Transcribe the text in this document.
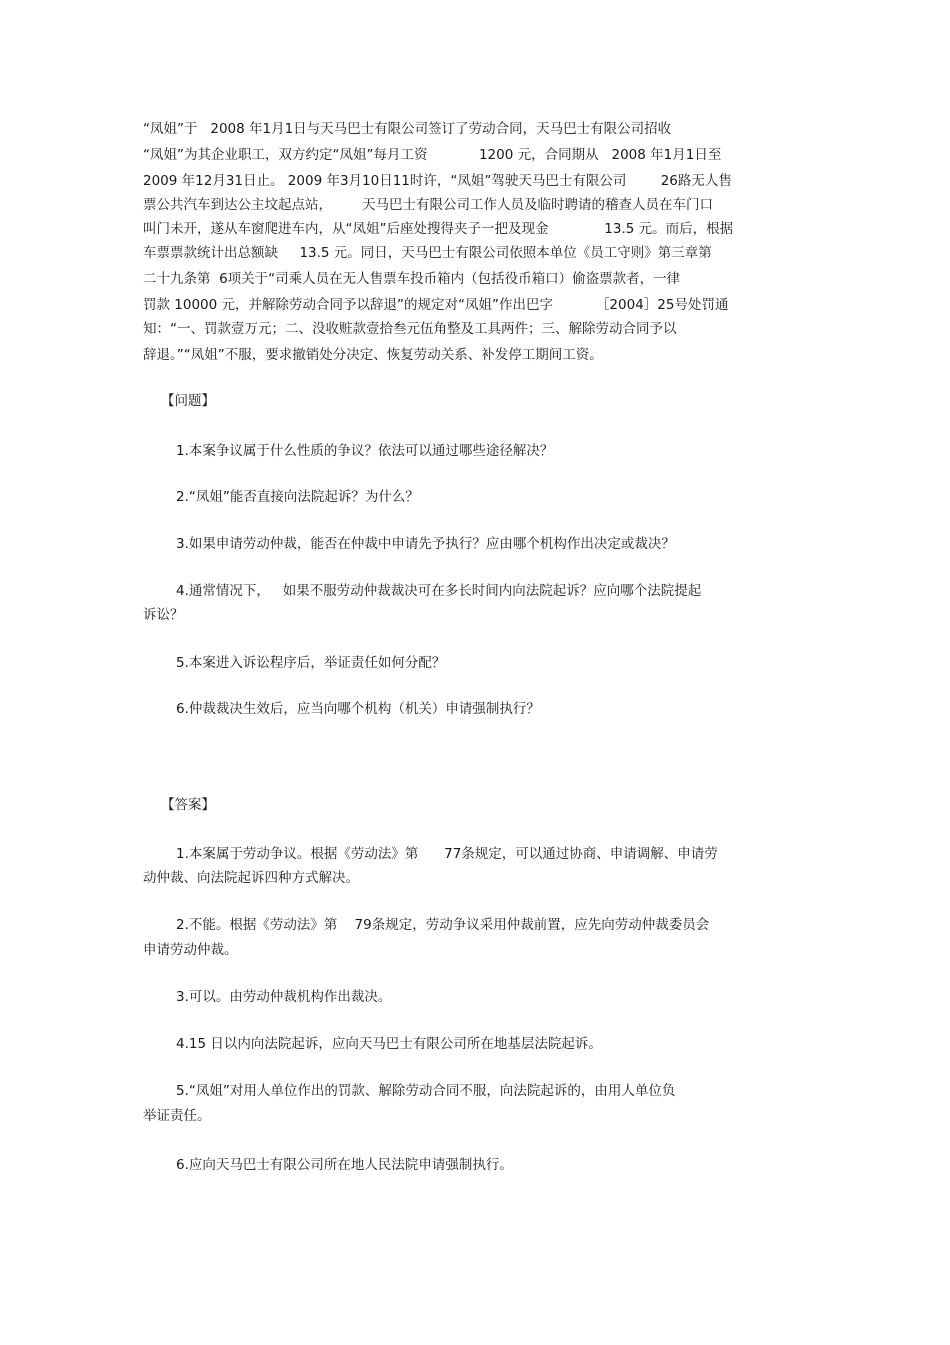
“凤姐”于   2008 年1月1日与天马巴士有限公司签订了劳动合同，天马巴士有限公司招收
“凤姐”为其企业职工，双方约定“凤姐”每月工资            1200 元，合同期从   2008 年1月1日至
2009 年12月31日止。 2009 年3月10日11时许，“凤姐”驾驶天马巴士有限公司        26路无人售
票公共汽车到达公主坟起点站，       天马巴士有限公司工作人员及临时聘请的稽查人员在车门口
叫门未开，遂从车窗爬进车内，从“凤姐”后座处搜得夹子一把及现金             13.5 元。而后，根据
车票票款统计出总额缺     13.5 元。同日，天马巴士有限公司依照本单位《员工守则》第三章第
二十九条第  6项关于“司乘人员在无人售票车投币箱内（包括役币箱口）偷盗票款者，一律
罚款 10000 元，并解除劳动合同予以辞退”的规定对“凤姐”作出巴字          ［2004］25号处罚通
知：“一、罚款壹万元；二、没收赃款壹拾叁元伍角整及工具两件；三、解除劳动合同予以
辞退。”“凤姐”不服，要求撤销处分决定、恢复劳动关系、补发停工期间工资。
【问题】
1.本案争议属于什么性质的争议？依法可以通过哪些途径解决？
2.“凤姐”能否直接向法院起诉？为什么？
3.如果申请劳动仲裁，能否在仲裁中申请先予执行？应由哪个机构作出决定或裁决？
4.通常情况下，   如果不服劳动仲裁裁决可在多长时间内向法院起诉？应向哪个法院提起
诉讼？
5.本案进入诉讼程序后，举证责任如何分配？
6.仲裁裁决生效后，应当向哪个机构（机关）申请强制执行？
【答案】
1.本案属于劳动争议。根据《劳动法》第      77条规定，可以通过协商、申请调解、申请劳
动仲裁、向法院起诉四种方式解决。
2.不能。根据《劳动法》第    79条规定，劳动争议采用仲裁前置，应先向劳动仲裁委员会
申请劳动仲裁。
3.可以。由劳动仲裁机构作出裁决。
4.15 日以内向法院起诉，应向天马巴士有限公司所在地基层法院起诉。
5.“凤姐”对用人单位作出的罚款、解除劳动合同不服，向法院起诉的，由用人单位负
举证责任。
6.应向天马巴士有限公司所在地人民法院申请强制执行。
